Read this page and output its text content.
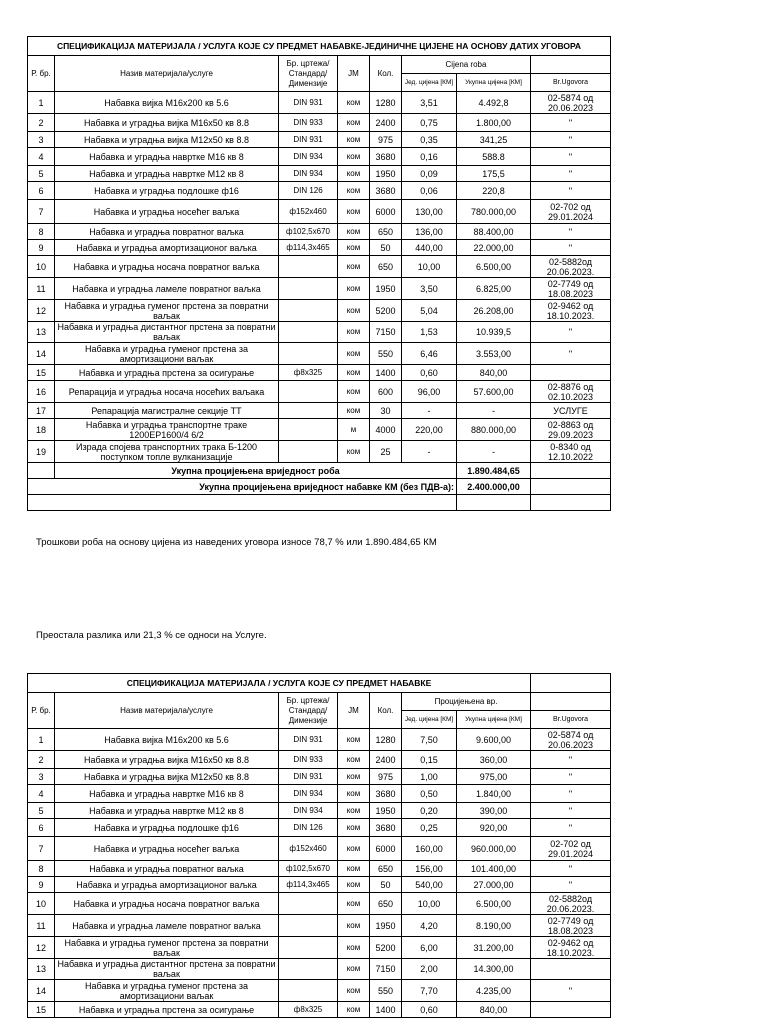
СПЕЦИФИКАЦИЈА МАТЕРИЈАЛА / УСЛУГА КОЈЕ СУ ПРЕДМЕТ НАБАВКЕ-ЈЕДИНИЧНЕ ЦИЈЕНЕ НА ОСНОВУ ДАТИХ УГОВОРА							
Р. бр.	Назив материјала/услуге	Бр. цртежа/ Стандард/ Димензије	ЈМ	Кол.	Cijena roba		
					Јед. цијена [КМ]	Укупна цијена [КМ]	Br.Ugovora
1	Набавка вијка М16х200 кв 5.6	DIN 931	ком	1280	3,51	4.492,8	02-5874 од 20.06.2023
2	Набавка и уградња вијка М16х50 кв 8.8	DIN 933	ком	2400	0,75	1.800,00	"
3	Набавка и уградња вијка М12х50 кв 8.8	DIN 931	ком	975	0,35	341,25	"
4	Набавка и уградња наврткe M16 кв 8	DIN 934	ком	3680	0,16	588.8	"
5	Набавка и уградња наврткe M12 кв 8	DIN 934	ком	1950	0,09	175,5	"
6	Набавка и уградња подлошке ф16	DIN 126	ком	3680	0,06	220,8	"
7	Набавка и уградња носећег ваљка	ф152х460	ком	6000	130,00	780.000,00	02-702 од 29.01.2024
8	Набавка и уградња повратног ваљка	ф102,5х670	ком	650	136,00	88.400,00	"
9	Набавка и уградња амортизационог ваљка	ф114,3х465	ком	50	440,00	22.000,00	"
10	Набавка и уградња носача повратног ваљка		ком	650	10,00	6.500,00	02-5882од 20.06.2023.
11	Набавка и уградња ламеле повратног ваљка		ком	1950	3,50	6.825,00	02-7749 од 18.08.2023
12	Набавка и уградња гуменог прстена за повратни ваљак		ком	5200	5,04	26.208,00	02-9462 од 18.10.2023.
13	Набавка и уградња дистантног прстена за повратни ваљак		ком	7150	1,53	10.939,5	"
14	Набавка и уградња гуменог прстена за амортизациони ваљак		ком	550	6,46	3.553,00	"
15	Набавка и уградња прстена за осигурање	ф8х325	ком	1400	0,60	840,00	
16	Репарација и уградња носача носећих ваљака		ком	600	96,00	57.600,00	02-8876 од 02.10.2023
17	Репарација магистралне секције ТТ		ком	30	-	-	УСЛУГЕ
18	Набавка и уградња транспортне траке 1200ЕР1600/4 6/2		м	4000	220,00	880.000,00	02-8863 од 29.09.2023
19	Израда спојева транспортних трака Б-1200 поступком топле вулканизације		ком	25	-	-	0-8340 од 12.10.2022
	Укупна процијењена вриједност роба					1.890.484,65	
Укупна процијењена вриједност набавке КМ (без ПДВ-а):						2.400.000,00	

Трошкови роба на основу цијена из наведених уговора износе 78,7 % или 1.890.484,65 КМ
Преостала разлика или 21,3 % се односи на Услуге.
СПЕЦИФИКАЦИЈА МАТЕРИЈАЛА / УСЛУГА КОЈЕ СУ ПРЕДМЕТ НАБАВКЕ							
Р. бр.	Назив материјала/услуге	Бр. цртежа/ Стандард/ Димензије	ЈМ	Кол.	Процијењена вр.		
					Јед. цијена [КМ]	Укупна цијена [КМ]	Br.Ugovora
1	Набавка вијка М16х200 кв 5.6	DIN 931	ком	1280	7,50	9.600,00	02-5874 од 20.06.2023
2	Набавка и уградња вијка М16х50 кв 8.8	DIN 933	ком	2400	0,15	360,00	"
3	Набавка и уградња вијка М12х50 кв 8.8	DIN 931	ком	975	1,00	975,00	"
4	Набавка и уградња наврткe M16 кв 8	DIN 934	ком	3680	0,50	1.840,00	"
5	Набавка и уградња наврткe M12 кв 8	DIN 934	ком	1950	0,20	390,00	"
6	Набавка и уградња подлошке ф16	DIN 126	ком	3680	0,25	920,00	"
7	Набавка и уградња носећег ваљка	ф152х460	ком	6000	160,00	960.000,00	02-702 од 29.01.2024
8	Набавка и уградња повратног ваљка	ф102,5х670	ком	650	156,00	101.400,00	"
9	Набавка и уградња амортизационог ваљка	ф114,3х465	ком	50	540,00	27.000,00	"
10	Набавка и уградња носача повратног ваљка		ком	650	10,00	6.500,00	02-5882од 20.06.2023.
11	Набавка и уградња ламеле повратног ваљка		ком	1950	4,20	8.190,00	02-7749 од 18.08.2023
12	Набавка и уградња гуменог прстена за повратни ваљак		ком	5200	6,00	31.200,00	02-9462 од 18.10.2023.
13	Набавка и уградња дистантног прстена за повратни ваљак		ком	7150	2,00	14.300,00	
14	Набавка и уградња гуменог прстена за амортизациони ваљак		ком	550	7,70	4.235,00	"
15	Набавка и уградња прстена за осигурање	ф8х325	ком	1400	0,60	840,00	
